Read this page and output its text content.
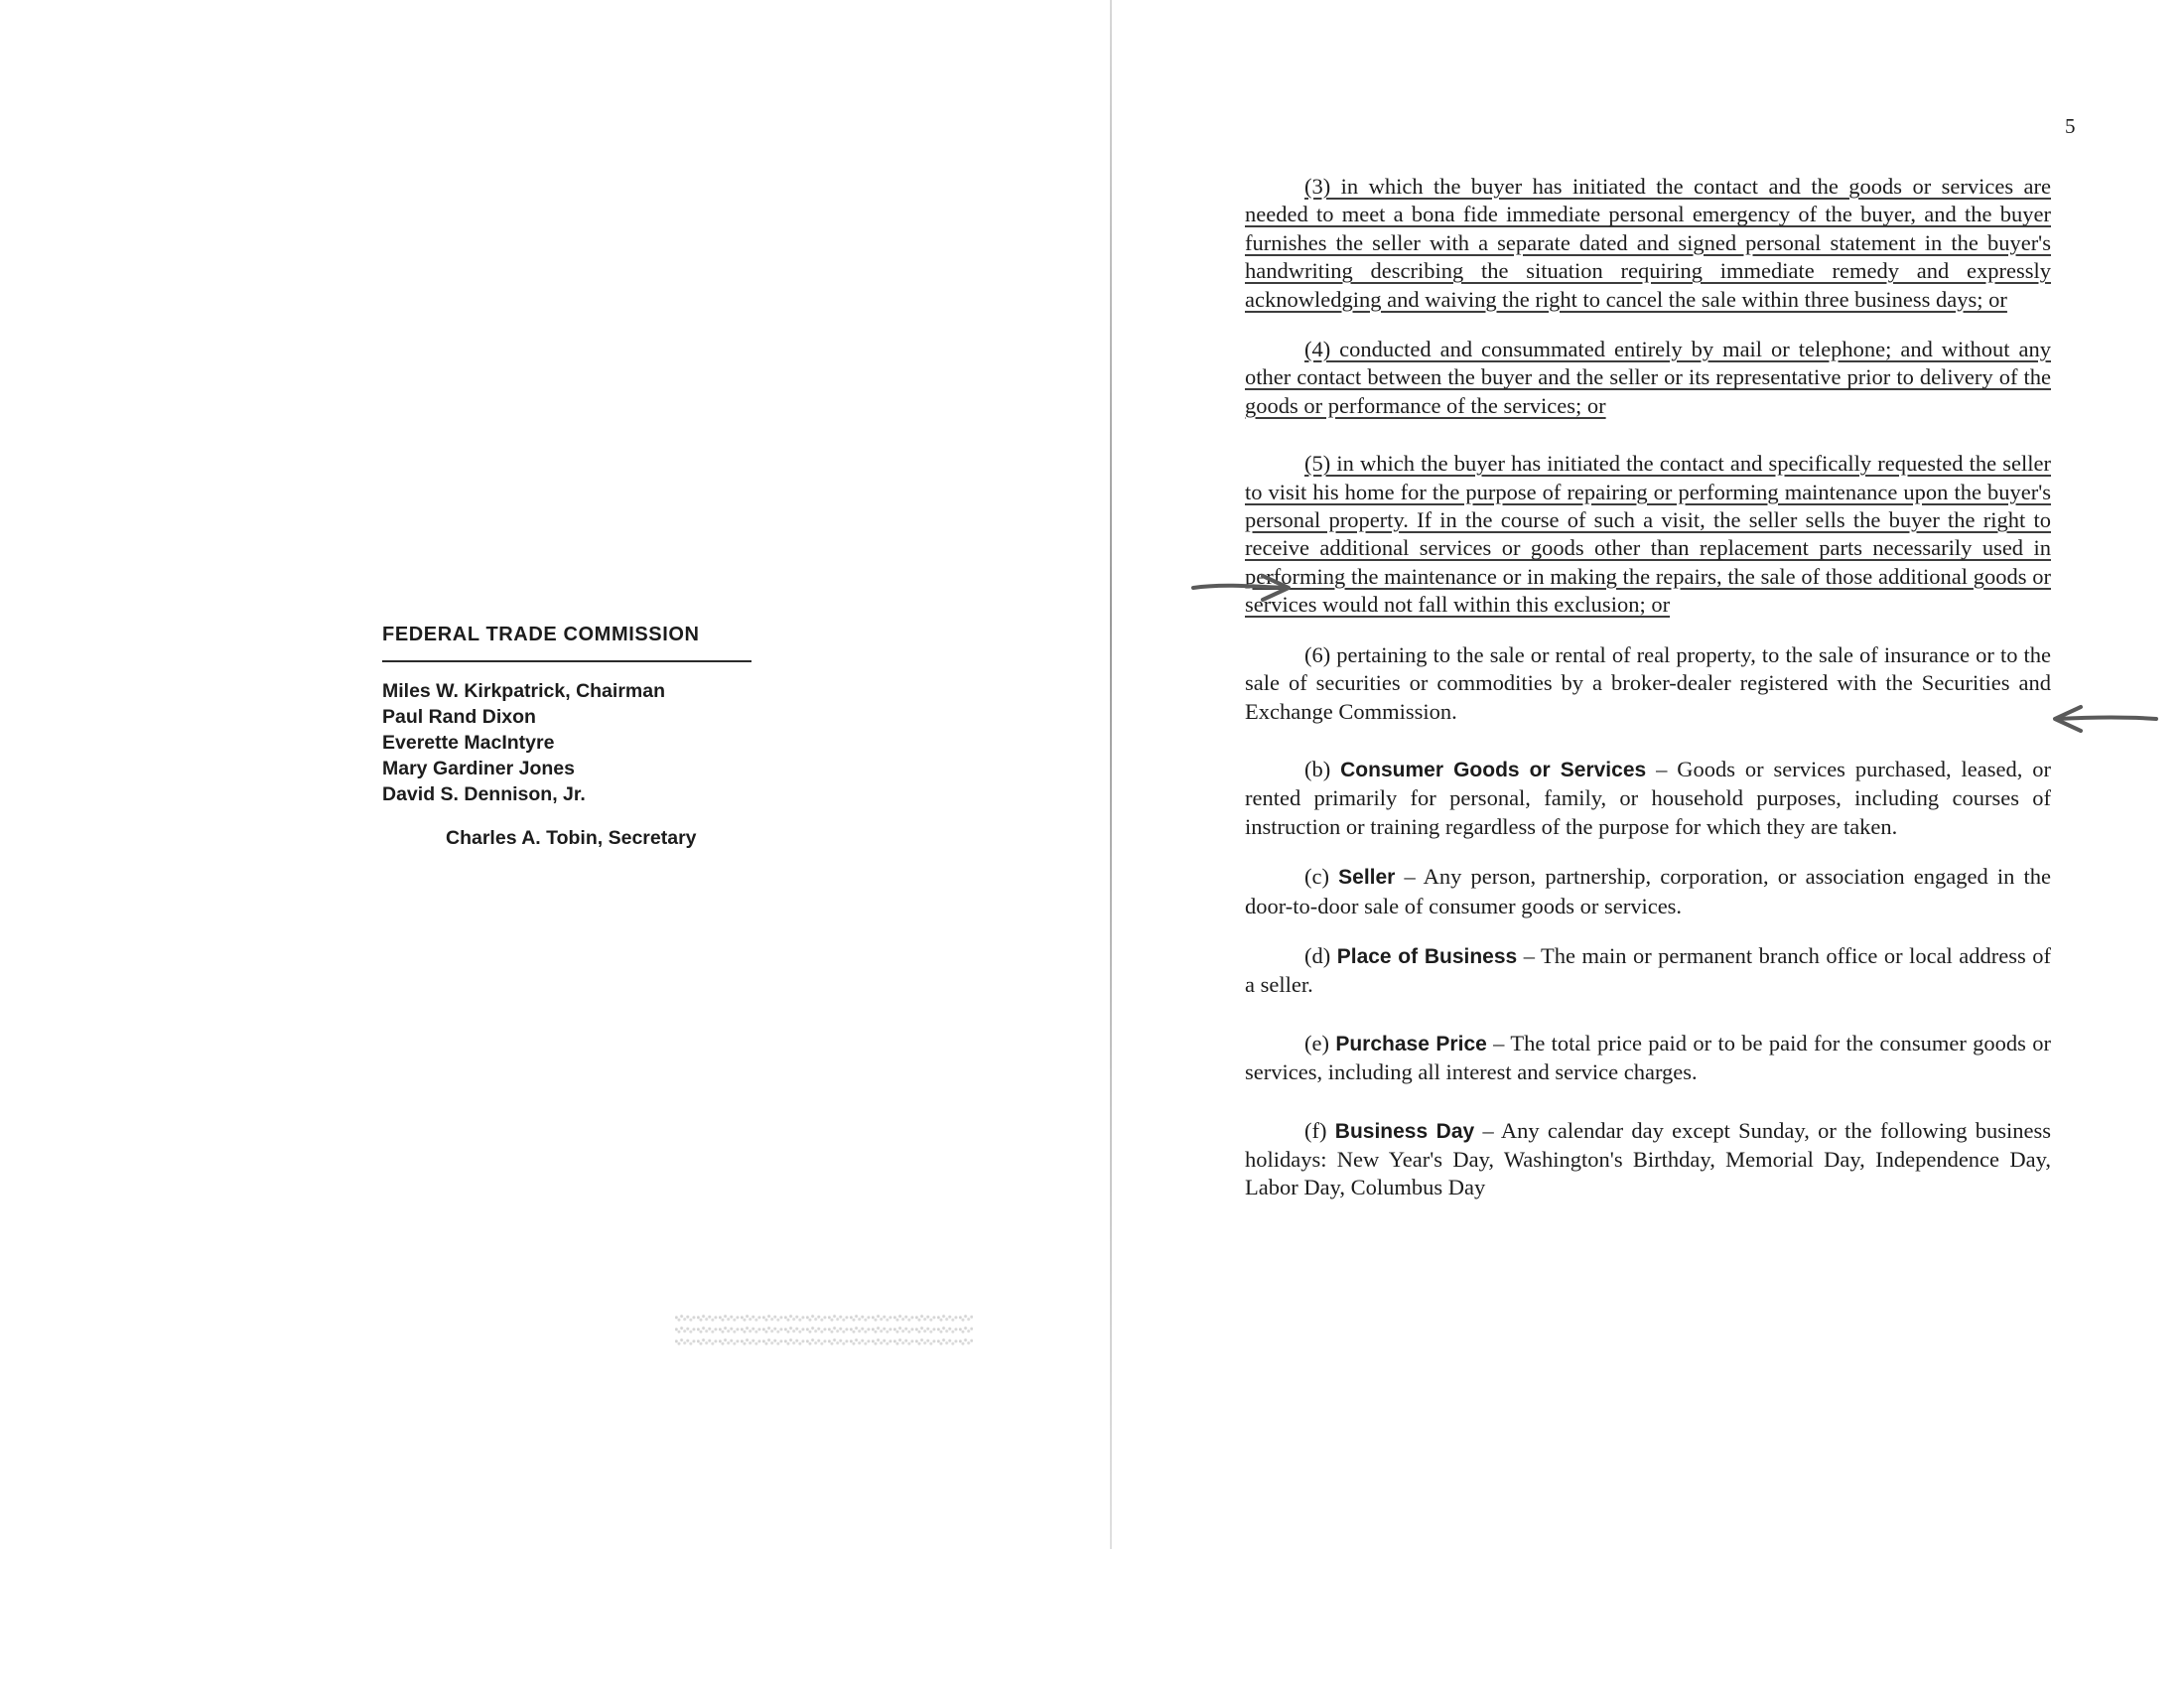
FEDERAL TRADE COMMISSION
Miles W. Kirkpatrick, Chairman
Paul Rand Dixon
Everette MacIntyre
Mary Gardiner Jones
David S. Dennison, Jr.
Charles A. Tobin, Secretary
5

(3) in which the buyer has initiated the contact and the goods or services are needed to meet a bona fide immediate personal emergency of the buyer, and the buyer furnishes the seller with a separate dated and signed personal statement in the buyer's handwriting describing the situation requiring immediate remedy and expressly acknowledging and waiving the right to cancel the sale within three business days; or

(4) conducted and consummated entirely by mail or telephone; and without any other contact between the buyer and the seller or its representative prior to delivery of the goods or performance of the services; or

(5) in which the buyer has initiated the contact and specifically requested the seller to visit his home for the purpose of repairing or performing maintenance upon the buyer's personal property. If in the course of such a visit, the seller sells the buyer the right to receive additional services or goods other than replacement parts necessarily used in performing the maintenance or in making the repairs, the sale of those additional goods or services would not fall within this exclusion; or

(6) pertaining to the sale or rental of real property, to the sale of insurance or to the sale of securities or commodities by a broker-dealer registered with the Securities and Exchange Commission.

(b) Consumer Goods or Services – Goods or services purchased, leased, or rented primarily for personal, family, or household purposes, including courses of instruction or training regardless of the purpose for which they are taken.

(c) Seller – Any person, partnership, corporation, or association engaged in the door-to-door sale of consumer goods or services.

(d) Place of Business – The main or permanent branch office or local address of a seller.

(e) Purchase Price – The total price paid or to be paid for the consumer goods or services, including all interest and service charges.

(f) Business Day – Any calendar day except Sunday, or the following business holidays: New Year's Day, Washington's Birthday, Memorial Day, Independence Day, Labor Day, Columbus Day
